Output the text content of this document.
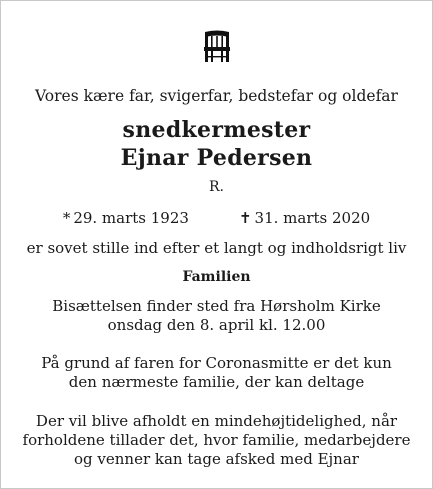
Vores kære far, svigerfar, bedstefar og oldefar
snedkermester
Ejnar Pedersen
R.
* 29. marts 1923	✝ 31. marts 2020
er sovet stille ind efter et langt og indholdsrigt liv
Familien
Bisættelsen finder sted fra Hørsholm Kirke
onsdag den 8. april kl. 12.00
På grund af faren for Coronasmitte er det kun
den nærmeste familie, der kan deltage
Der vil blive afholdt en mindehøjtidelighed, når
forholdene tillader det, hvor familie, medarbejdere
og venner kan tage afsked med Ejnar
